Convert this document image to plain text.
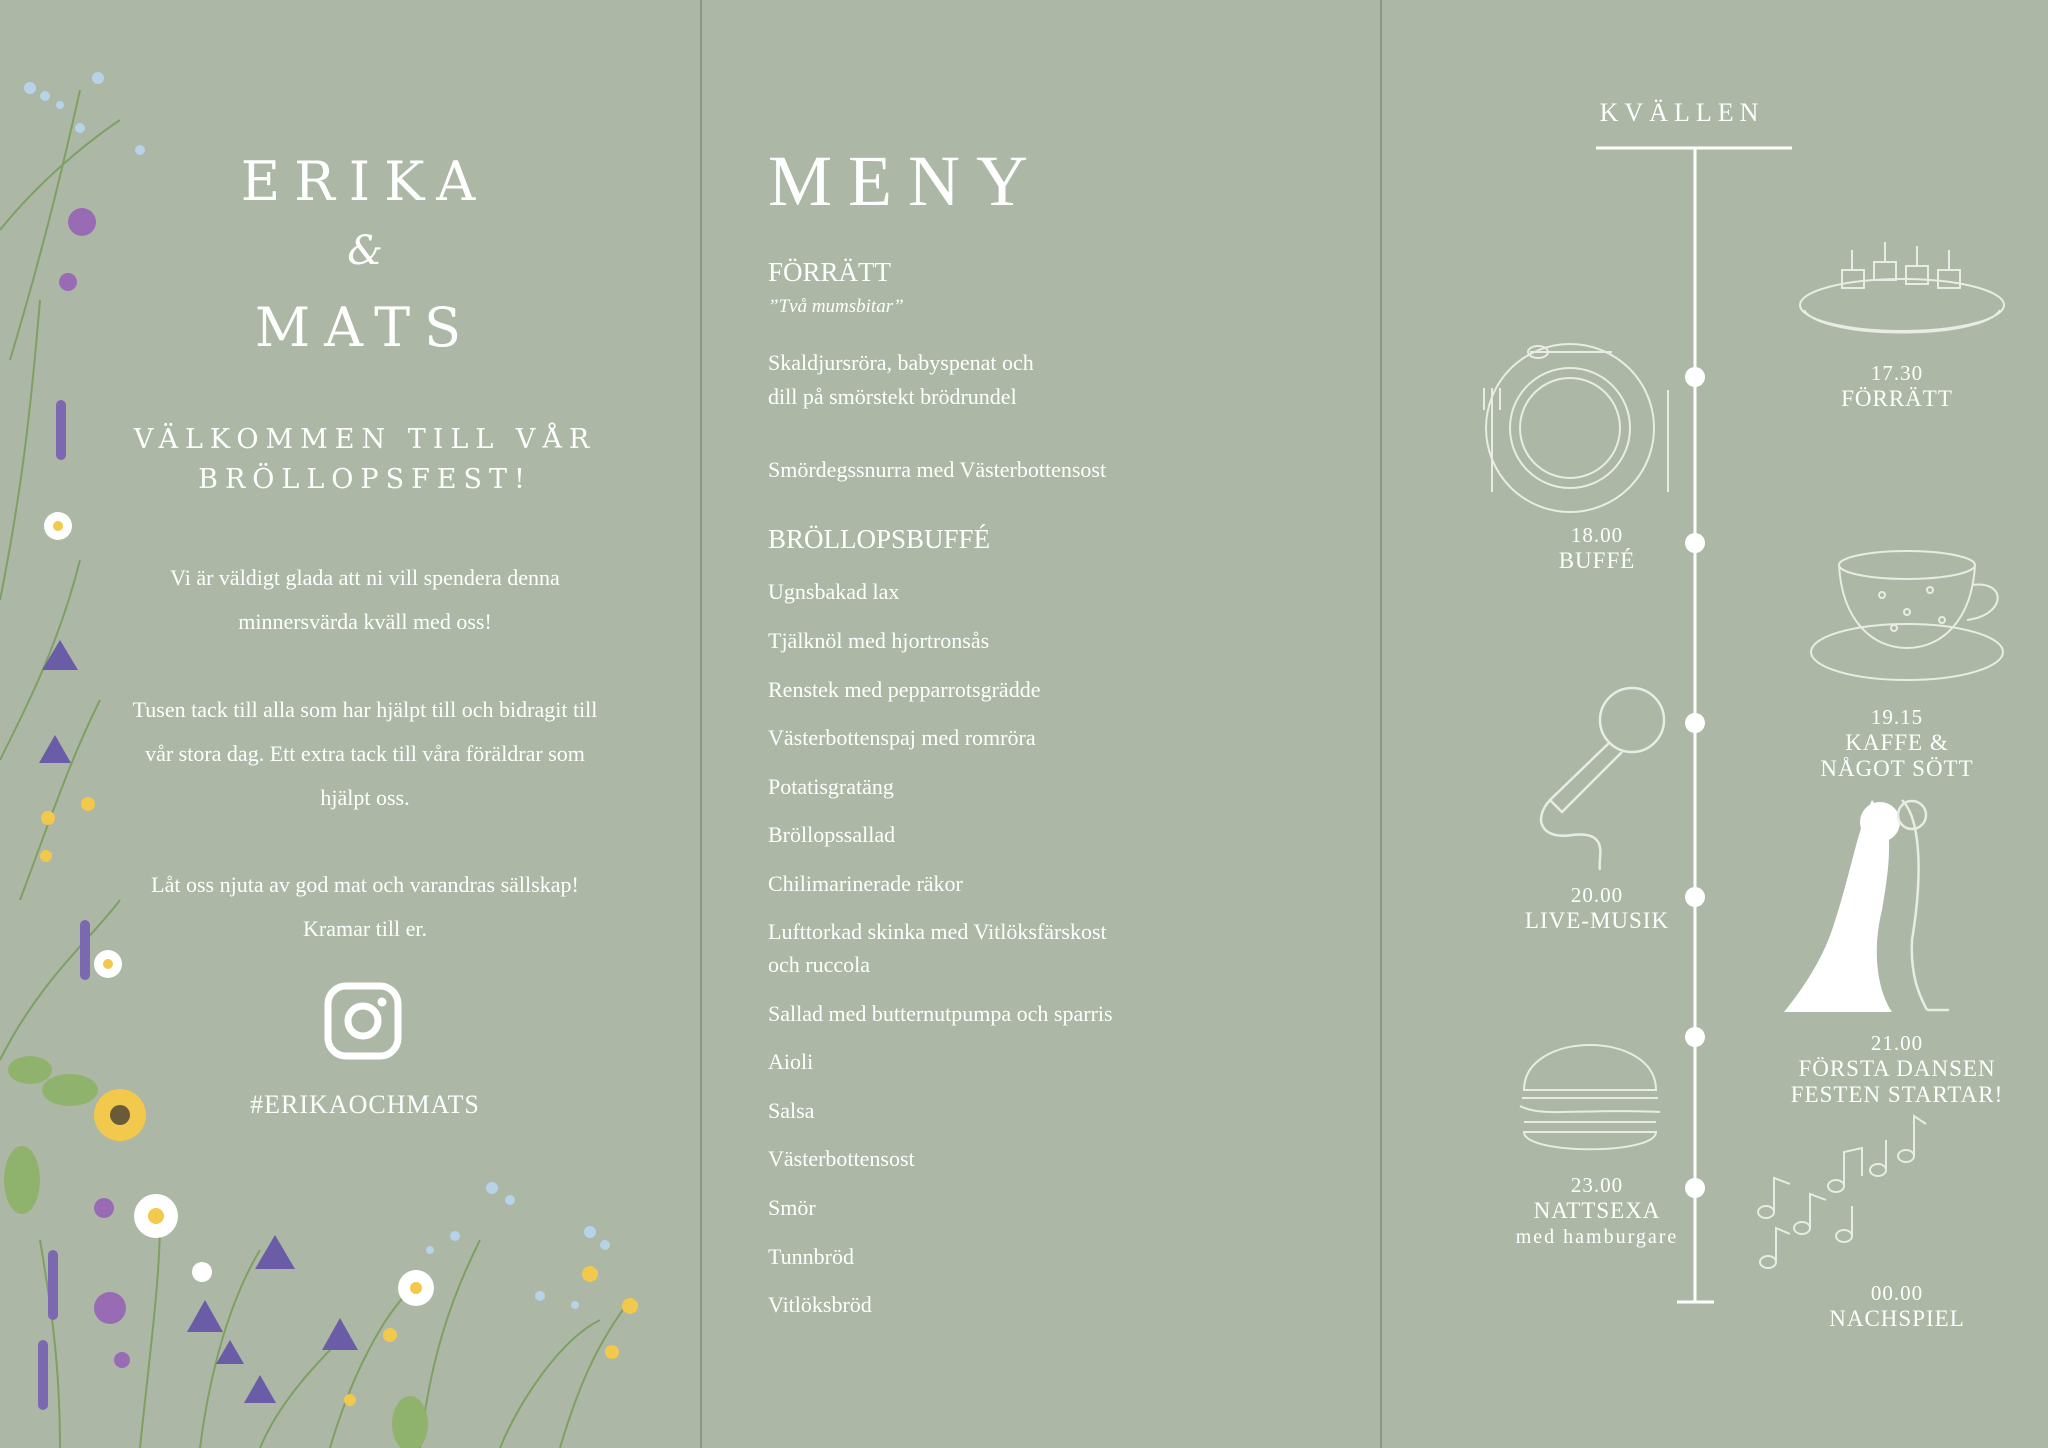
ERIKA
&
MATS
VÄLKOMMEN TILL VÅR
BRÖLLOPSFEST!
Vi är väldigt glada att ni vill spendera denna minnersvärda kväll med oss!
Tusen tack till alla som har hjälpt till och bidragit till vår stora dag. Ett extra tack till våra föräldrar som hjälpt oss.
Låt oss njuta av god mat och varandras sällskap! Kramar till er.
#ERIKAOCHMATS
MENY
FÖRRÄTT
”Två mumsbitar”
Skaldjursröra, babyspenat och
dill på smörstekt brödrundel
Smördegssnurra med Västerbottensost
BRÖLLOPSBUFFÉ
Ugnsbakad lax
Tjälknöl med hjortronsås
Renstek med pepparrotsgrädde
Västerbottenspaj med romröra
Potatisgratäng
Bröllopssallad
Chilimarinerade räkor
Lufttorkad skinka med Vitlöksfärskost
och ruccola
Sallad med butternutpumpa och sparris
Aioli
Salsa
Västerbottensost
Smör
Tunnbröd
Vitlöksbröd
KVÄLLEN
17.30
FÖRRÄTT
18.00
BUFFÉ
19.15
KAFFE &
NÅGOT SÖTT
20.00
LIVE-MUSIK
21.00
FÖRSTA DANSEN
FESTEN STARTAR!
23.00
NATTSEXA
med hamburgare
00.00
NACHSPIEL
